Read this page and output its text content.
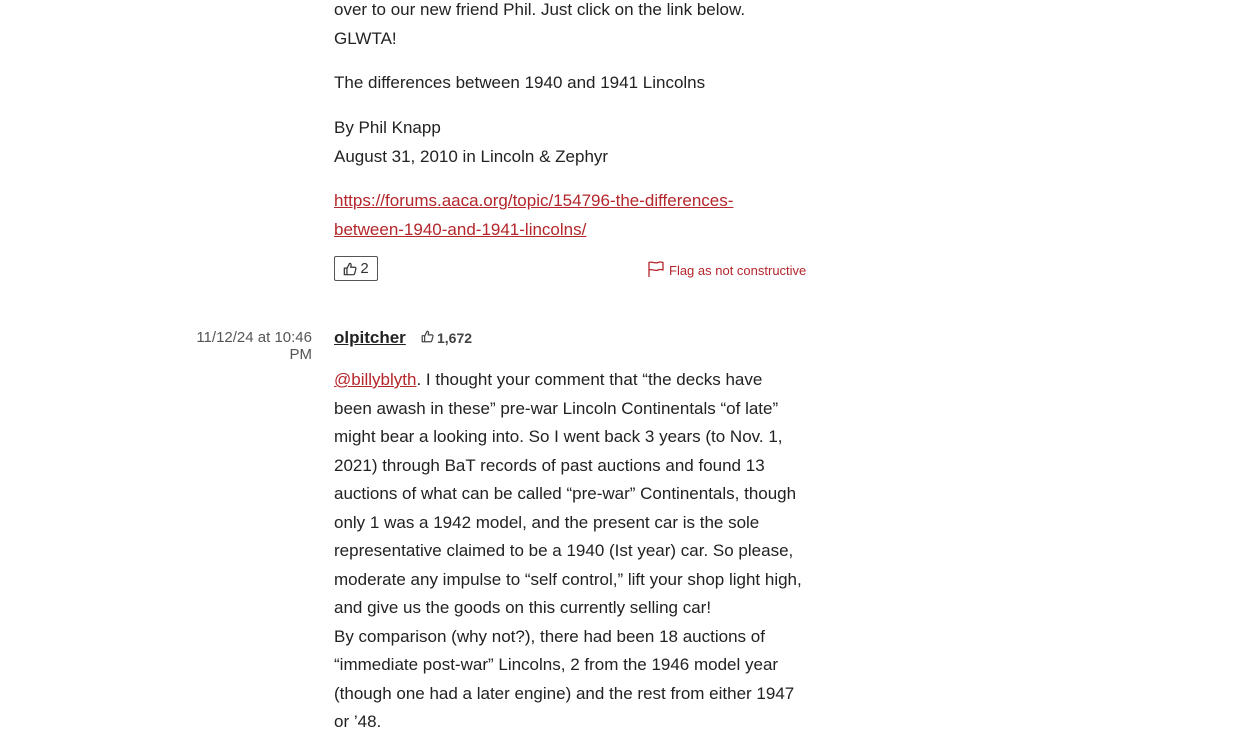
over to our new friend Phil. Just click on the link below.

GLWTA!

The differences between 1940 and 1941 Lincolns

By Phil Knapp

August 31, 2010 in Lincoln & Zephyr

https://forums.aaca.org/topic/154796-the-differences-
between-1940-and-1941-lincolns/
2	Flag as not constructive
11/12/24 at 10:46 PM
olpitcher 1,672

@billyblyth. I thought your comment that “the decks have been awash in these” pre-war Lincoln Continentals “of late” might bear a looking into. So I went back 3 years (to Nov. 1, 2021) through BaT records of past auctions and found 13 auctions of what can be called “pre-war” Continentals, though only 1 was a 1942 model, and the present car is the sole representative claimed to be a 1940 (Ist year) car. So please, moderate any impulse to “self control,” lift your shop light high, and give us the goods on this currently selling car!

By comparison (why not?), there had been 18 auctions of “immediate post-war” Lincolns, 2 from the 1946 model year (though one had a later engine) and the rest from either 1947 or ’48.
